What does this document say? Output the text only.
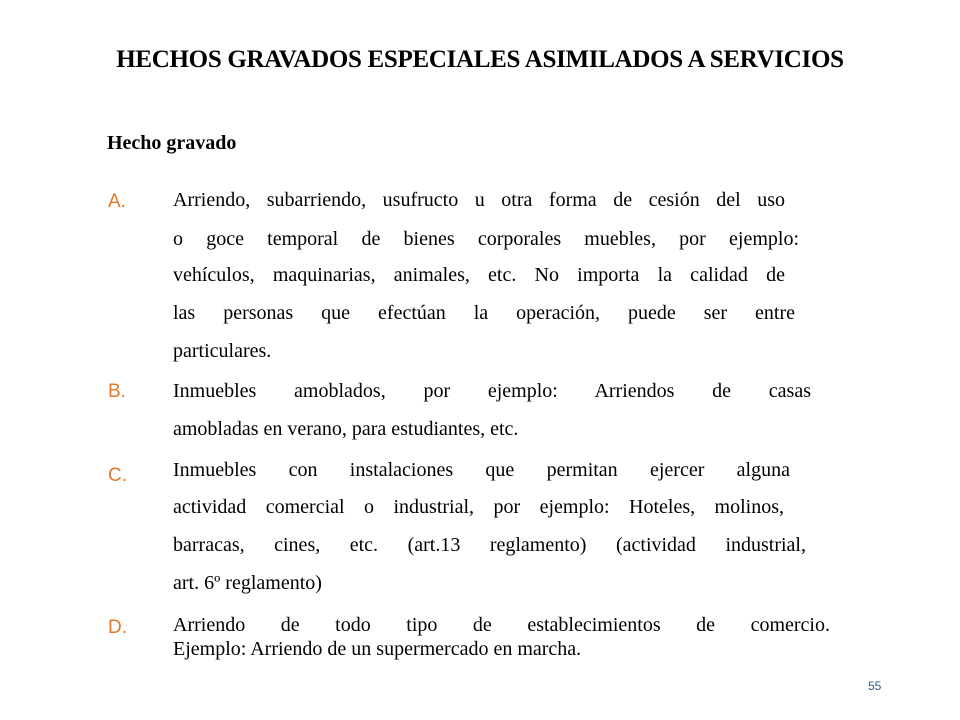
HECHOS GRAVADOS ESPECIALES ASIMILADOS A SERVICIOS
Hecho gravado
A. Arriendo, subarriendo, usufructo u otra forma de cesión del uso
o goce temporal de bienes corporales muebles, por ejemplo:
vehículos, maquinarias, animales, etc. No importa la calidad de
las personas que efectúan la operación, puede ser entre
particulares.
B. Inmuebles amoblados, por ejemplo: Arriendos de casas
amobladas en verano, para estudiantes, etc.
C. Inmuebles con instalaciones que permitan ejercer alguna
actividad comercial o industrial, por ejemplo: Hoteles, molinos,
barracas, cines, etc. (art.13 reglamento) (actividad industrial,
art. 6º reglamento)
D. Arriendo de todo tipo de establecimientos de comercio.
Ejemplo: Arriendo de un supermercado en marcha.
55
